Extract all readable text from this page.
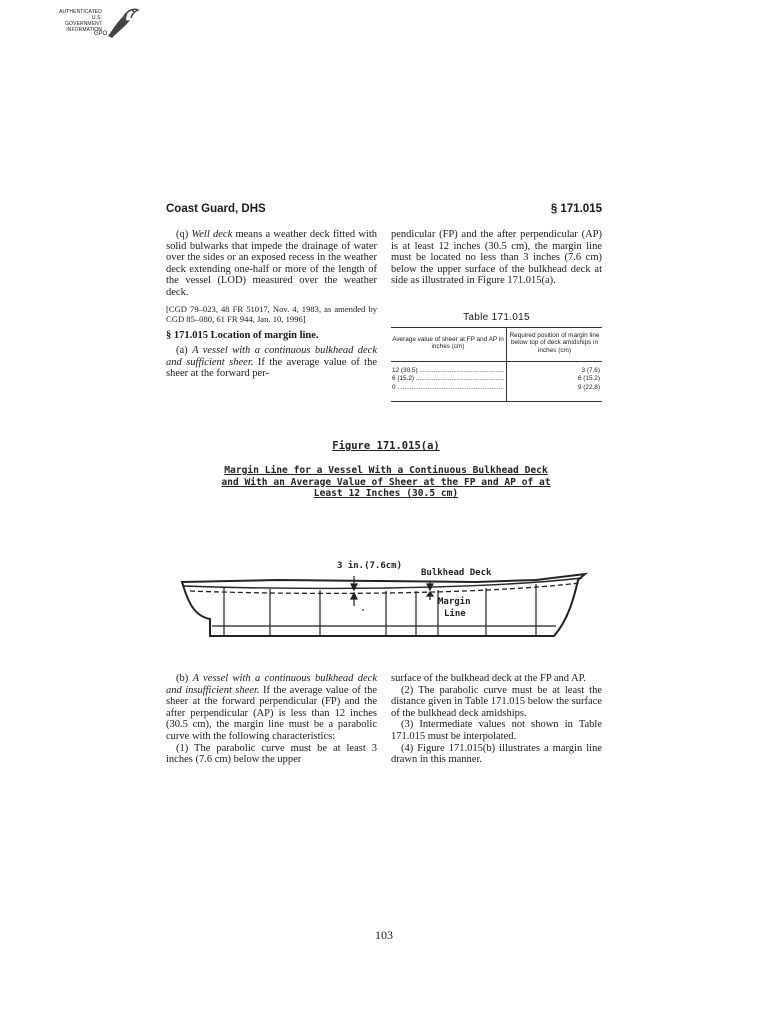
AUTHENTICATED
U.S. GOVERNMENT
INFORMATION
GPO
Coast Guard, DHS	§ 171.015

(q) Well deck means a weather deck fitted with solid bulwarks that impede the drainage of water over the sides or an exposed recess in the weather deck extending one-half or more of the length of the vessel (LOD) measured over the weather deck.

[CGD 79–023, 48 FR 51017, Nov. 4, 1983, as amended by CGD 85–080, 61 FR 944, Jan. 10, 1996]

§ 171.015 Location of margin line.

(a) A vessel with a continuous bulkhead deck and sufficient sheer. If the average value of the sheer at the forward per-

pendicular (FP) and the after perpendicular (AP) is at least 12 inches (30.5 cm), the margin line must be located no less than 3 inches (7.6 cm) below the upper surface of the bulkhead deck at side as illustrated in Figure 171.015(a).

Table 171.015
Average value of sheer at FP and AP in inches (cm)
Required position of margin line below top of deck amidships in inches (cm)
12 (30.5) .....
6 (15.2) .....
0 .....
3 (7.6)
6 (15.2)
9 (22.8)
Figure 171.015(a)
Margin Line for a Vessel With a Continuous Bulkhead Deck
and With an Average Value of Sheer at the FP and AP of at
Least 12 Inches (30.5 cm)
3 in.(7.6cm)
Bulkhead Deck
Margin
Line

(b) A vessel with a continuous bulkhead deck and insufficient sheer. If the average value of the sheer at the forward perpendicular (FP) and the after perpendicular (AP) is less than 12 inches (30.5 cm), the margin line must be a parabolic curve with the following characteristics:

(1) The parabolic curve must be at least 3 inches (7.6 cm) below the upper

surface of the bulkhead deck at the FP and AP.

(2) The parabolic curve must be at least the distance given in Table 171.015 below the surface of the bulkhead deck amidships.

(3) Intermediate values not shown in Table 171.015 must be interpolated.

(4) Figure 171.015(b) illustrates a margin line drawn in this manner.

103
